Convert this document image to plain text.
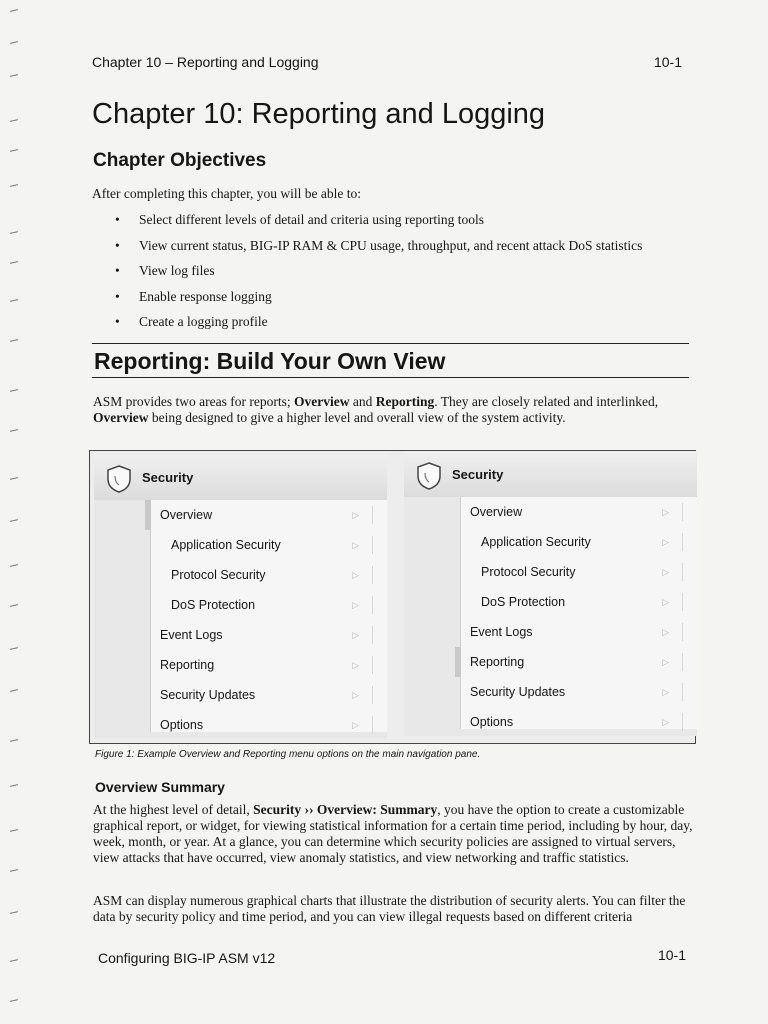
Chapter 10 – Reporting and Logging	10-1
Chapter 10: Reporting and Logging
Chapter Objectives
After completing this chapter, you will be able to:
• Select different levels of detail and criteria using reporting tools
• View current status, BIG-IP RAM & CPU usage, throughput, and recent attack DoS statistics
• View log files
• Enable response logging
• Create a logging profile
Reporting: Build Your Own View
ASM provides two areas for reports; Overview and Reporting. They are closely related and interlinked, Overview being designed to give a higher level and overall view of the system activity.
Security
Overview	▷
Application Security	▷
Protocol Security	▷
DoS Protection	▷
Event Logs	▷
Reporting	▷
Security Updates	▷
Options	▷
Security
Overview	▷
Application Security	▷
Protocol Security	▷
DoS Protection	▷
Event Logs	▷
Reporting	▷
Security Updates	▷
Options	▷
Figure 1: Example Overview and Reporting menu options on the main navigation pane.
Overview Summary
At the highest level of detail, Security ›› Overview: Summary, you have the option to create a customizable graphical report, or widget, for viewing statistical information for a certain time period, including by hour, day, week, month, or year. At a glance, you can determine which security policies are assigned to virtual servers, view attacks that have occurred, view anomaly statistics, and view networking and traffic statistics.
ASM can display numerous graphical charts that illustrate the distribution of security alerts. You can filter the data by security policy and time period, and you can view illegal requests based on different criteria
Configuring BIG-IP ASM v12	10-1
